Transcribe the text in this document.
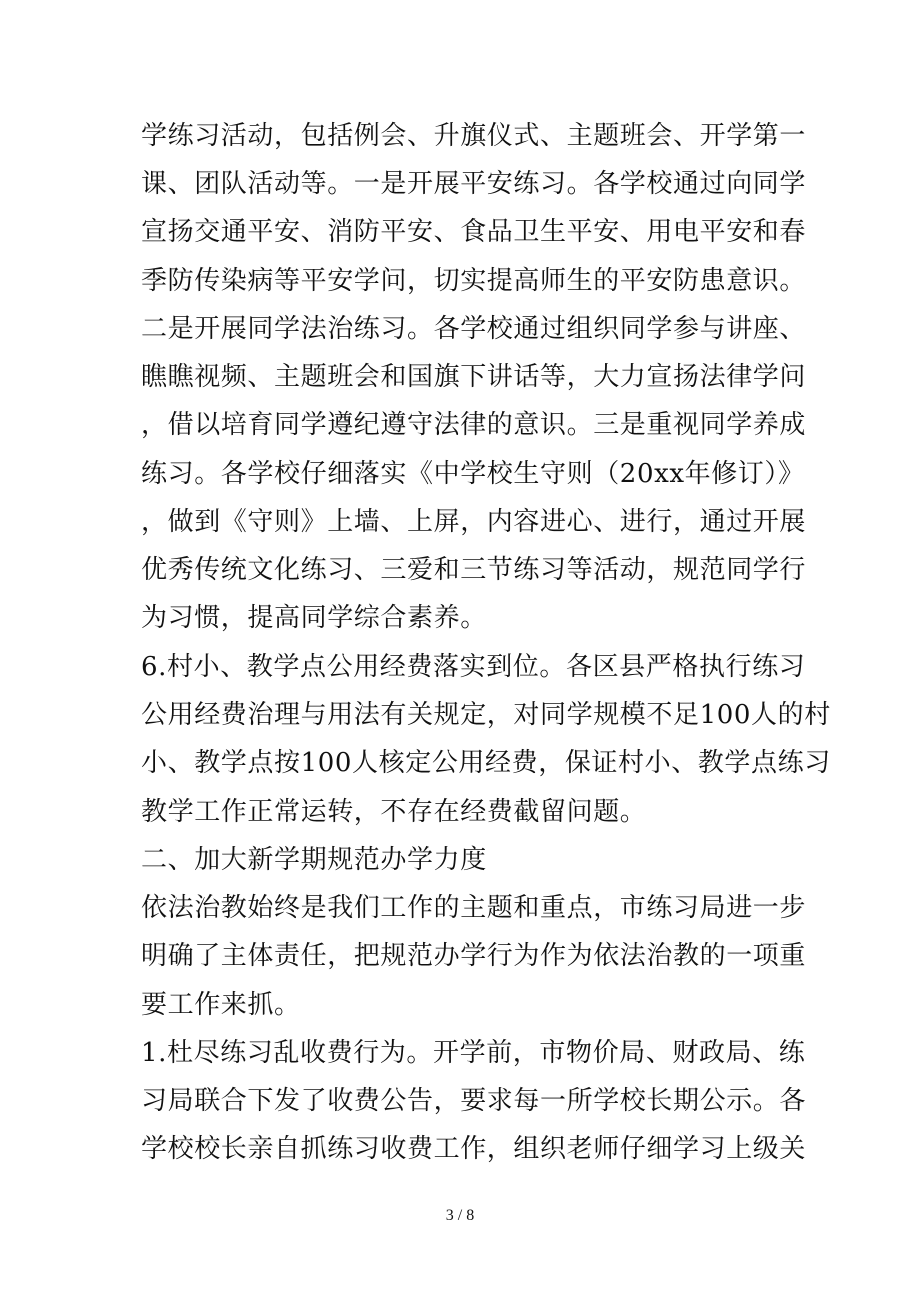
学练习活动，包括例会、升旗仪式、主题班会、开学第一
课、团队活动等。一是开展平安练习。各学校通过向同学
宣扬交通平安、消防平安、食品卫生平安、用电平安和春
季防传染病等平安学问，切实提高师生的平安防患意识。
二是开展同学法治练习。各学校通过组织同学参与讲座、
瞧瞧视频、主题班会和国旗下讲话等，大力宣扬法律学问
，借以培育同学遵纪遵守法律的意识。三是重视同学养成
练习。各学校仔细落实《中学校生守则（20xx年修订）》
，做到《守则》上墙、上屏，内容进心、进行，通过开展
优秀传统文化练习、三爱和三节练习等活动，规范同学行
为习惯，提高同学综合素养。
6.村小、教学点公用经费落实到位。各区县严格执行练习
公用经费治理与用法有关规定，对同学规模不足100人的村
小、教学点按100人核定公用经费，保证村小、教学点练习
教学工作正常运转，不存在经费截留问题。
二、加大新学期规范办学力度
依法治教始终是我们工作的主题和重点，市练习局进一步
明确了主体责任，把规范办学行为作为依法治教的一项重
要工作来抓。
1.杜尽练习乱收费行为。开学前，市物价局、财政局、练
习局联合下发了收费公告，要求每一所学校长期公示。各
学校校长亲自抓练习收费工作，组织老师仔细学习上级关
3 / 8
